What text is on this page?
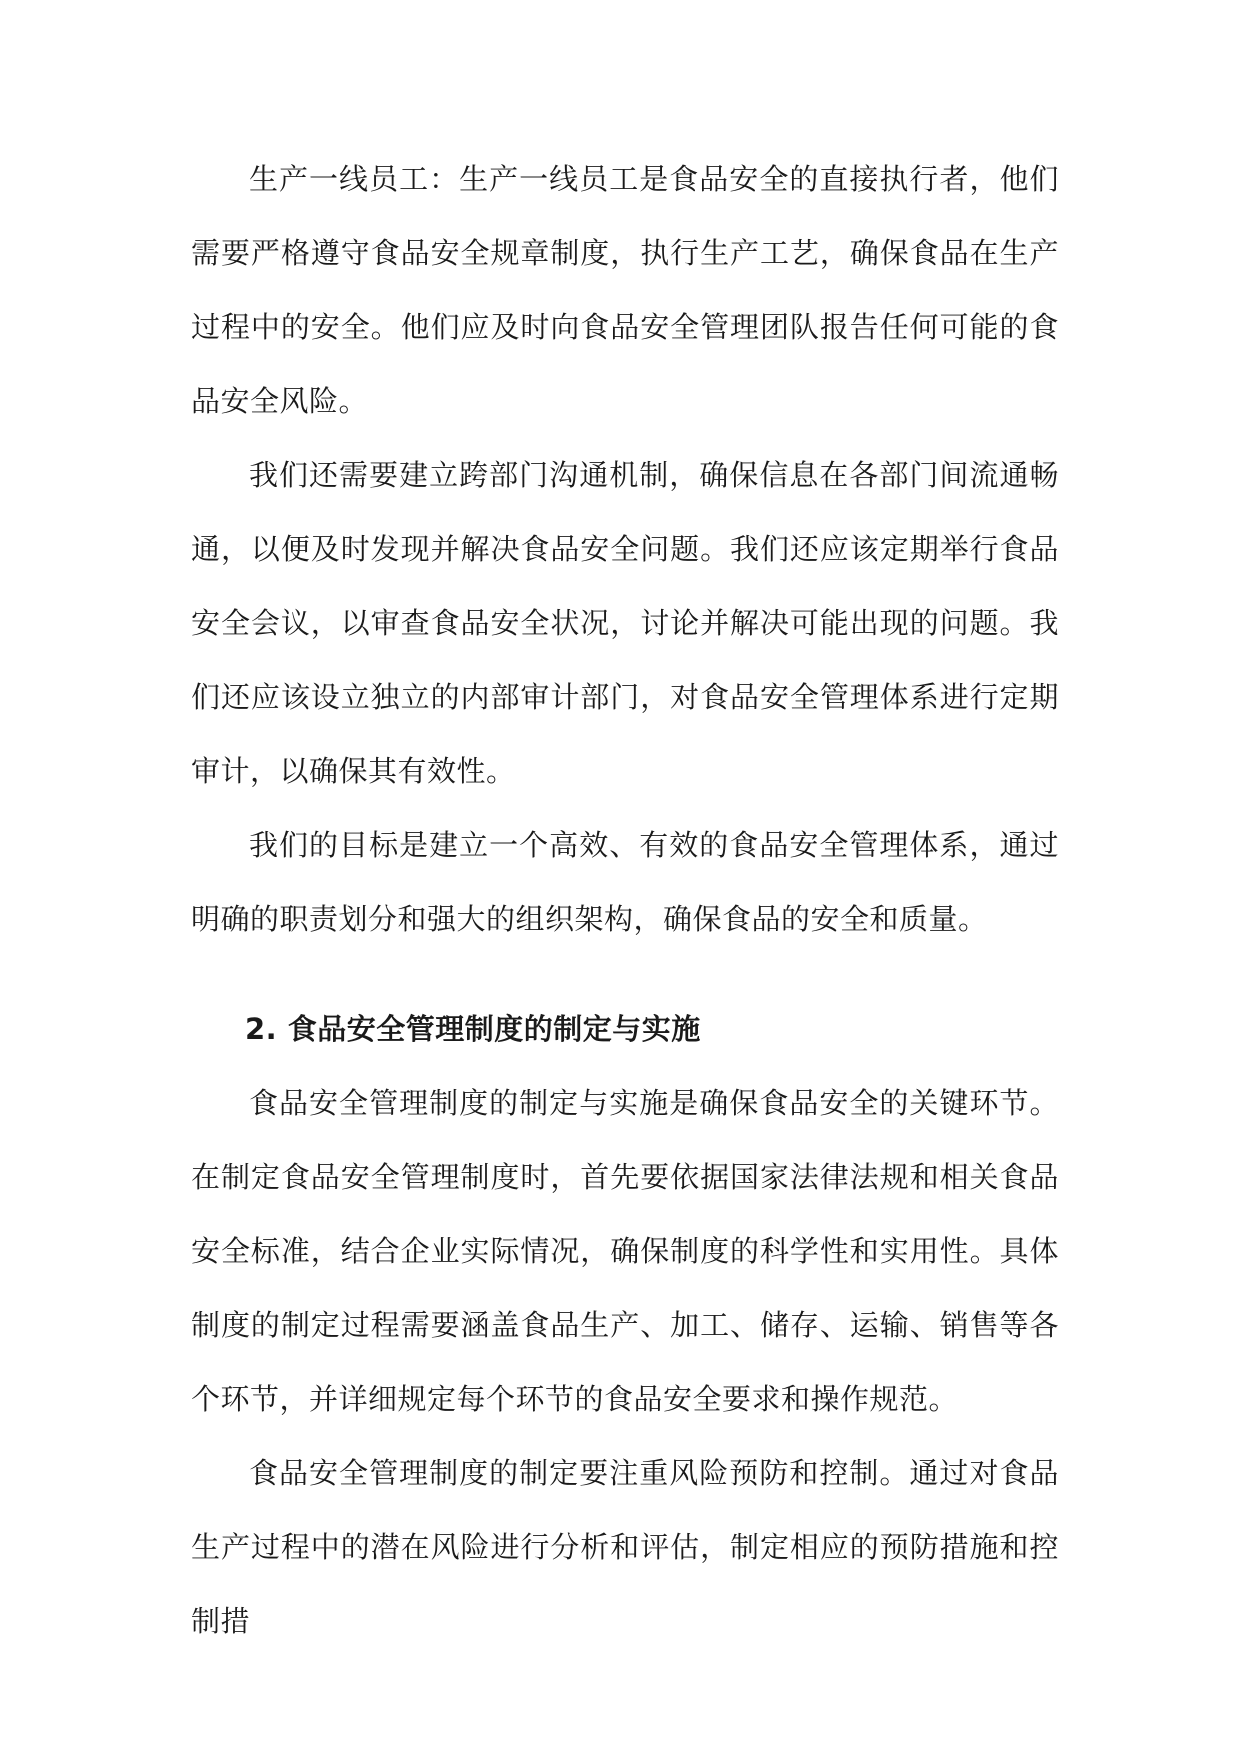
生产一线员工：生产一线员工是食品安全的直接执行者，他们需要严格遵守食品安全规章制度，执行生产工艺，确保食品在生产过程中的安全。他们应及时向食品安全管理团队报告任何可能的食品安全风险。

我们还需要建立跨部门沟通机制，确保信息在各部门间流通畅通，以便及时发现并解决食品安全问题。我们还应该定期举行食品安全会议，以审查食品安全状况，讨论并解决可能出现的问题。我们还应该设立独立的内部审计部门，对食品安全管理体系进行定期审计，以确保其有效性。

我们的目标是建立一个高效、有效的食品安全管理体系，通过明确的职责划分和强大的组织架构，确保食品的安全和质量。

2. 食品安全管理制度的制定与实施

食品安全管理制度的制定与实施是确保食品安全的关键环节。在制定食品安全管理制度时，首先要依据国家法律法规和相关食品安全标准，结合企业实际情况，确保制度的科学性和实用性。具体制度的制定过程需要涵盖食品生产、加工、储存、运输、销售等各个环节，并详细规定每个环节的食品安全要求和操作规范。

食品安全管理制度的制定要注重风险预防和控制。通过对食品生产过程中的潜在风险进行分析和评估，制定相应的预防措施和控制措
